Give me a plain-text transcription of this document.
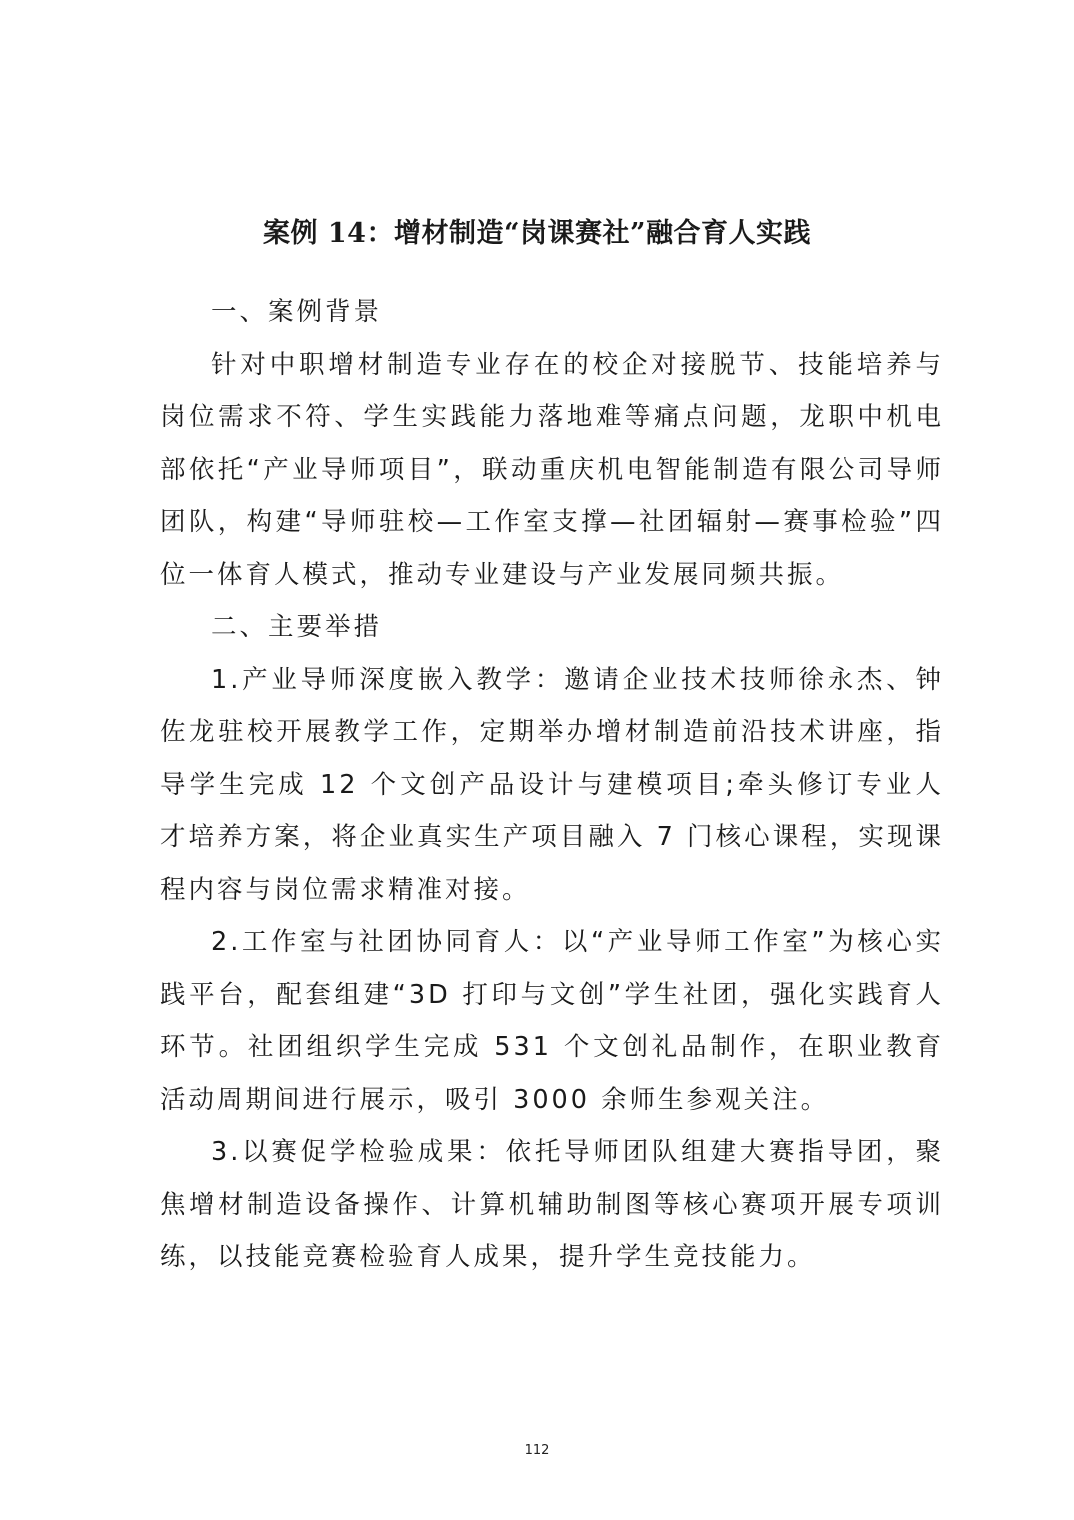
案例 14：增材制造“岗课赛社”融合育人实践

一、案例背景

针对中职增材制造专业存在的校企对接脱节、技能培养与岗位需求不符、学生实践能力落地难等痛点问题，龙职中机电部依托“产业导师项目”，联动重庆机电智能制造有限公司导师团队，构建“导师驻校—工作室支撑—社团辐射—赛事检验”四位一体育人模式，推动专业建设与产业发展同频共振。

二、主要举措

1.产业导师深度嵌入教学：邀请企业技术技师徐永杰、钟佐龙驻校开展教学工作，定期举办增材制造前沿技术讲座，指导学生完成 12 个文创产品设计与建模项目;牵头修订专业人才培养方案，将企业真实生产项目融入 7 门核心课程，实现课程内容与岗位需求精准对接。

2.工作室与社团协同育人：以“产业导师工作室”为核心实践平台，配套组建“3D 打印与文创”学生社团，强化实践育人环节。社团组织学生完成 531 个文创礼品制作，在职业教育活动周期间进行展示，吸引 3000 余师生参观关注。

3.以赛促学检验成果：依托导师团队组建大赛指导团，聚焦增材制造设备操作、计算机辅助制图等核心赛项开展专项训练，以技能竞赛检验育人成果，提升学生竞技能力。

112
